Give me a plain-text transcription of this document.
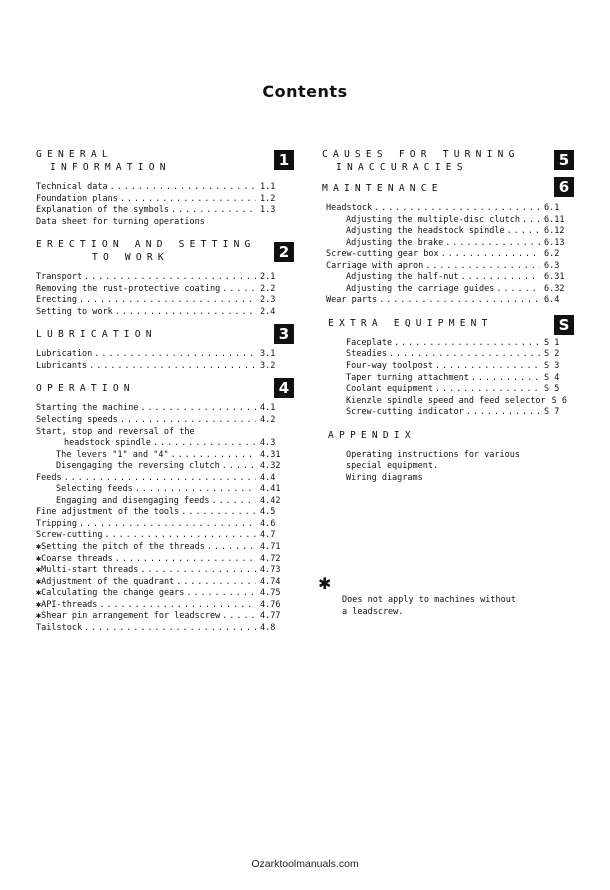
Contents
GENERAL
INFORMATION	1
Technical data . . .	1.1
Foundation plans . . .	1.2
Explanation of the symbols . . .	1.3
Data sheet for turning operations
ERECTION AND SETTING
TO WORK	2
Transport . . .	2.1
Removing the rust-protective coating . . .	2.2
Erecting . . .	2.3
Setting to work . . .	2.4
LUBRICATION	3
Lubrication . . .	3.1
Lubricants . . .	3.2
OPERATION	4
Starting the machine . . .	4.1
Selecting speeds . . .	4.2
Start, stop and reversal of the
headstock spindle . . .	4.3
The levers "1" and "4" . . .	4.31
Disengaging the reversing clutch . . .	4.32
Feeds . . .	4.4
Selecting feeds . . .	4.41
Engaging and disengaging feeds . . .	4.42
Fine adjustment of the tools . . .	4.5
Tripping . . .	4.6
Screw-cutting . . .	4.7
✱ Setting the pitch of the threads . . .	4.71
✱ Coarse threads . . .	4.72
✱ Multi-start threads . . .	4.73
✱ Adjustment of the quadrant . . .	4.74
✱ Calculating the change gears . . .	4.75
✱ API-threads . . .	4.76
✱ Shear pin arrangement for leadscrew . . .	4.77
Tailstock . . .	4.8
CAUSES FOR TURNING
INACCURACIES	5
MAINTENANCE	6
Headstock . . .	6.1
Adjusting the multiple-disc clutch . . .	6.11
Adjusting the headstock spindle . . .	6.12
Adjusting the brake . . .	6.13
Screw-cutting gear box . . .	6.2
Carriage with apron . . .	6.3
Adjusting the half-nut . . .	6.31
Adjusting the carriage guides . . .	6.32
Wear parts . . .	6.4
EXTRA EQUIPMENT	S
Faceplate . . .	S 1
Steadies . . .	S 2
Four-way toolpost . . .	S 3
Taper turning attachment . . .	S 4
Coolant equipment . . .	S 5
Kienzle spindle speed and feed selector S 6
Screw-cutting indicator . . .	S 7
APPENDIX
Operating instructions for various
special equipment.
Wiring diagrams
✱
Does not apply to machines without
a leadscrew.
Ozarktoolmanuals.com
